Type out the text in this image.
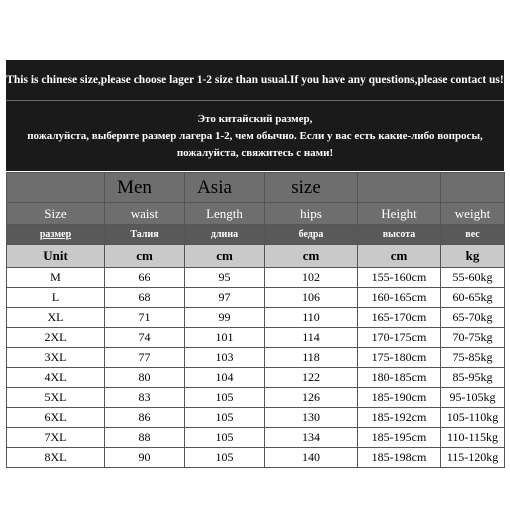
This is chinese size,please choose lager 1-2 size than usual.If you have any questions,please contact us!
Это китайский размер,
пожалуйста, выберите размер лагера 1-2, чем обычно. Если у вас есть какие-либо вопросы,
пожалуйста, свяжитесь с нами!
	Men	Asia	size		
Size	waist	Length	hips	Height	weight
размер	Талия	длина	бедра	высота	вес
Unit	cm	cm	cm	cm	kg
M	66	95	102	155-160cm	55-60kg
L	68	97	106	160-165cm	60-65kg
XL	71	99	110	165-170cm	65-70kg
2XL	74	101	114	170-175cm	70-75kg
3XL	77	103	118	175-180cm	75-85kg
4XL	80	104	122	180-185cm	85-95kg
5XL	83	105	126	185-190cm	95-105kg
6XL	86	105	130	185-192cm	105-110kg
7XL	88	105	134	185-195cm	110-115kg
8XL	90	105	140	185-198cm	115-120kg
